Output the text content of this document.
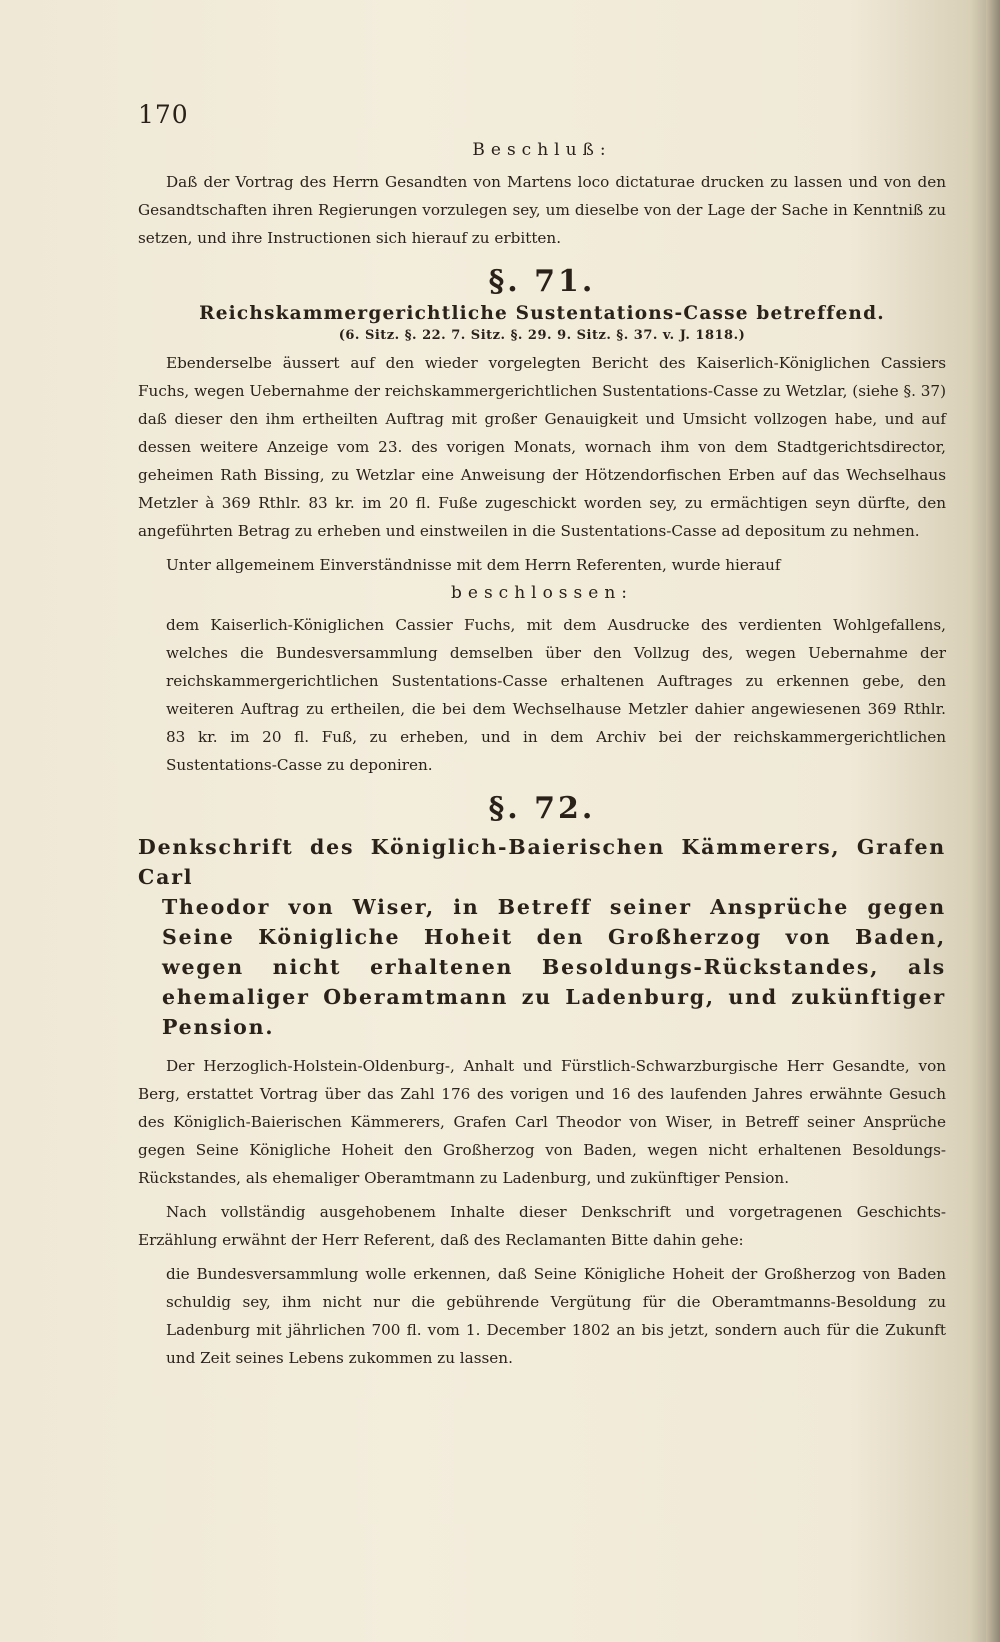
170
Beschluß:

Daß der Vortrag des Herrn Gesandten von Martens loco dictaturae drucken zu lassen und von den Gesandtschaften ihren Regierungen vorzulegen sey, um dieselbe von der Lage der Sache in Kenntniß zu setzen, und ihre Instructionen sich hierauf zu erbitten.

§. 71.
Reichskammergerichtliche Sustentations-Casse betreffend.
(6. Sitz. §. 22. 7. Sitz. §. 29. 9. Sitz. §. 37. v. J. 1818.)

Ebenderselbe äussert auf den wieder vorgelegten Bericht des Kaiserlich-Königlichen Cassiers Fuchs, wegen Uebernahme der reichskammergerichtlichen Sustentations-Casse zu Wetzlar, (siehe §. 37) daß dieser den ihm ertheilten Auftrag mit großer Genauigkeit und Umsicht vollzogen habe, und auf dessen weitere Anzeige vom 23. des vorigen Monats, wornach ihm von dem Stadtgerichtsdirector, geheimen Rath Bissing, zu Wetzlar eine Anweisung der Hötzendorfischen Erben auf das Wechselhaus Metzler à 369 Rthlr. 83 kr. im 20 fl. Fuße zugeschickt worden sey, zu ermächtigen seyn dürfte, den angeführten Betrag zu erheben und einstweilen in die Sustentations-Casse ad depositum zu nehmen.

Unter allgemeinem Einverständnisse mit dem Herrn Referenten, wurde hierauf
beschlossen:

dem Kaiserlich-Königlichen Cassier Fuchs, mit dem Ausdrucke des verdienten Wohlgefallens, welches die Bundesversammlung demselben über den Vollzug des, wegen Uebernahme der reichskammergerichtlichen Sustentations-Casse erhaltenen Auftrages zu erkennen gebe, den weiteren Auftrag zu ertheilen, die bei dem Wechselhause Metzler dahier angewiesenen 369 Rthlr. 83 kr. im 20 fl. Fuß, zu erheben, und in dem Archiv bei der reichskammergerichtlichen Sustentations-Casse zu deponiren.

§. 72.
Denkschrift des Königlich-Baierischen Kämmerers, Grafen Carl
Theodor von Wiser, in Betreff seiner Ansprüche gegen Seine Königliche Hoheit den Großherzog von Baden, wegen nicht erhaltenen Besoldungs-Rückstandes, als ehemaliger Oberamtmann zu Ladenburg, und zukünftiger Pension.

Der Herzoglich-Holstein-Oldenburg-, Anhalt und Fürstlich-Schwarzburgische Herr Gesandte, von Berg, erstattet Vortrag über das Zahl 176 des vorigen und 16 des laufenden Jahres erwähnte Gesuch des Königlich-Baierischen Kämmerers, Grafen Carl Theodor von Wiser, in Betreff seiner Ansprüche gegen Seine Königliche Hoheit den Großherzog von Baden, wegen nicht erhaltenen Besoldungs-Rückstandes, als ehemaliger Oberamtmann zu Ladenburg, und zukünftiger Pension.

Nach vollständig ausgehobenem Inhalte dieser Denkschrift und vorgetragenen Geschichts-Erzählung erwähnt der Herr Referent, daß des Reclamanten Bitte dahin gehe:

die Bundesversammlung wolle erkennen, daß Seine Königliche Hoheit der Großherzog von Baden schuldig sey, ihm nicht nur die gebührende Vergütung für die Oberamtmanns-Besoldung zu Ladenburg mit jährlichen 700 fl. vom 1. December 1802 an bis jetzt, sondern auch für die Zukunft und Zeit seines Lebens zukommen zu lassen.
